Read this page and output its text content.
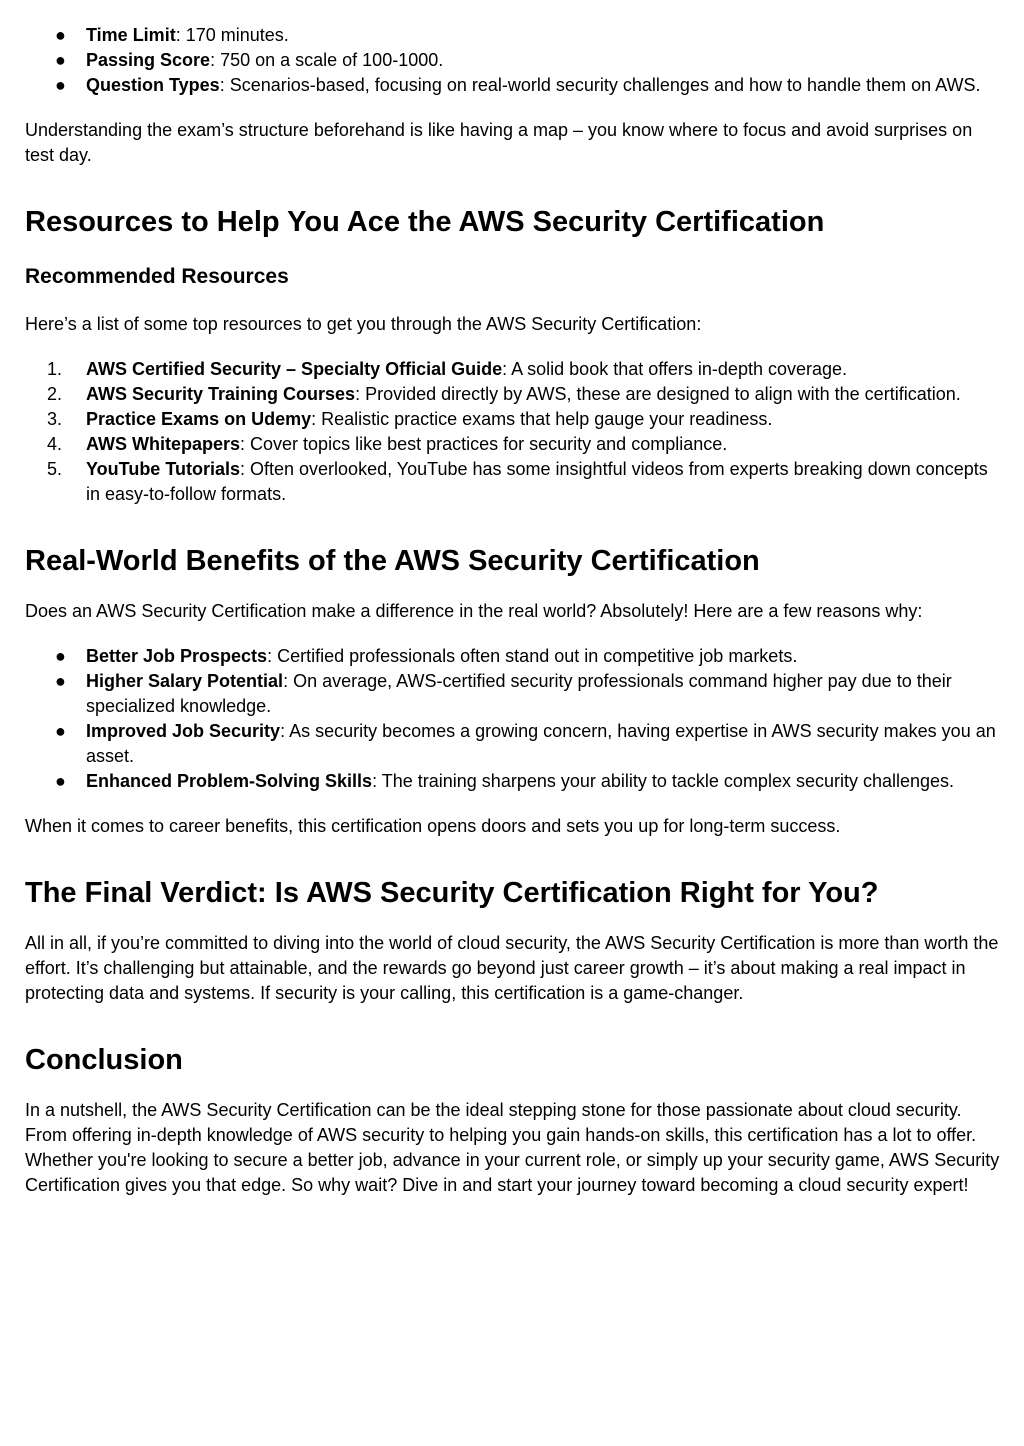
●	Time Limit: 170 minutes.
●	Passing Score: 750 on a scale of 100-1000.
●	Question Types: Scenarios-based, focusing on real-world security challenges and how to handle them on AWS.

Understanding the exam’s structure beforehand is like having a map – you know where to focus and avoid surprises on test day.

Resources to Help You Ace the AWS Security Certification
Recommended Resources

Here’s a list of some top resources to get you through the AWS Security Certification:

1.	AWS Certified Security – Specialty Official Guide: A solid book that offers in-depth coverage.
2.	AWS Security Training Courses: Provided directly by AWS, these are designed to align with the certification.
3.	Practice Exams on Udemy: Realistic practice exams that help gauge your readiness.
4.	AWS Whitepapers: Cover topics like best practices for security and compliance.
5.	YouTube Tutorials: Often overlooked, YouTube has some insightful videos from experts breaking down concepts in easy-to-follow formats.
Real-World Benefits of the AWS Security Certification

Does an AWS Security Certification make a difference in the real world? Absolutely! Here are a few reasons why:

●	Better Job Prospects: Certified professionals often stand out in competitive job markets.
●	Higher Salary Potential: On average, AWS-certified security professionals command higher pay due to their specialized knowledge.
●	Improved Job Security: As security becomes a growing concern, having expertise in AWS security makes you an asset.
●	Enhanced Problem-Solving Skills: The training sharpens your ability to tackle complex security challenges.

When it comes to career benefits, this certification opens doors and sets you up for long-term success.

The Final Verdict: Is AWS Security Certification Right for You?

All in all, if you’re committed to diving into the world of cloud security, the AWS Security Certification is more than worth the effort. It’s challenging but attainable, and the rewards go beyond just career growth – it’s about making a real impact in protecting data and systems. If security is your calling, this certification is a game-changer.

Conclusion

In a nutshell, the AWS Security Certification can be the ideal stepping stone for those passionate about cloud security. From offering in-depth knowledge of AWS security to helping you gain hands-on skills, this certification has a lot to offer. Whether you're looking to secure a better job, advance in your current role, or simply up your security game, AWS Security Certification gives you that edge. So why wait? Dive in and start your journey toward becoming a cloud security expert!
